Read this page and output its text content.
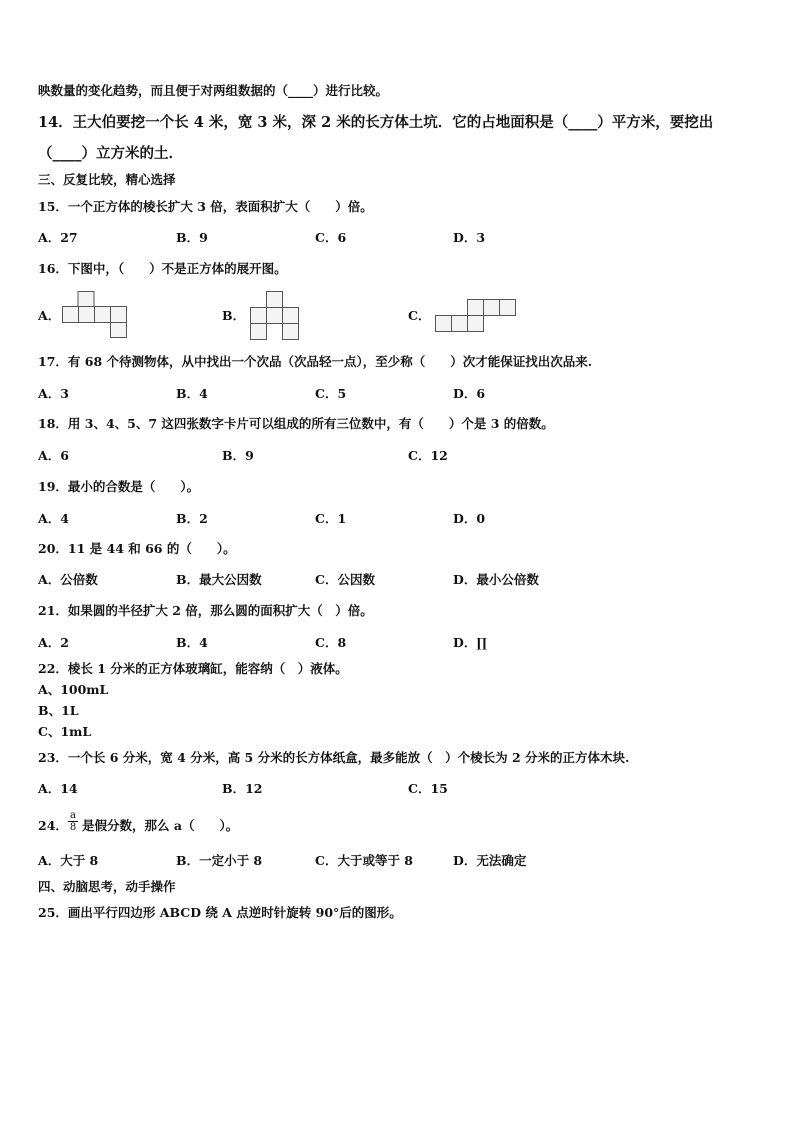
映数量的变化趋势，而且便于对两组数据的（____）进行比较。
14．王大伯要挖一个长 4 米，宽 3 米，深 2 米的长方体土坑．它的占地面积是（____）平方米，要挖出
（____）立方米的土．
三、反复比较，精心选择
15．一个正方体的棱长扩大 3 倍，表面积扩大（　　）倍。
A．27	B．9	C．6	D．3
16．下图中，（　　）不是正方体的展开图。
A．	B．	C．
17．有 68 个待测物体，从中找出一个次品（次品轻一点），至少称（　　）次才能保证找出次品来.
A．3	B．4	C．5	D．6
18．用 3、4、5、7 这四张数字卡片可以组成的所有三位数中，有（　　）个是 3 的倍数。
A．6	B．9	C．12
19．最小的合数是（　　）。
A．4	B．2	C．1	D．0
20．11 是 44 和 66 的（　　）。
A．公倍数	B．最大公因数	C．公因数	D．最小公倍数
21．如果圆的半径扩大 2 倍，那么圆的面积扩大（　）倍。
A．2	B．4	C．8	D．∏
22．棱长 1 分米的正方体玻璃缸，能容纳（　）液体。
A、100mL
B、1L
C、1mL
23．一个长 6 分米，宽 4 分米，高 5 分米的长方体纸盒，最多能放（　）个棱长为 2 分米的正方体木块.
A．14	B．12	C．15
24．
a
8 是假分数，那么 a（　　）。
A．大于 8	B．一定小于 8	C．大于或等于 8	D．无法确定
四、动脑思考，动手操作
25．画出平行四边形 ABCD 绕 A 点逆时针旋转 90°后的图形。
